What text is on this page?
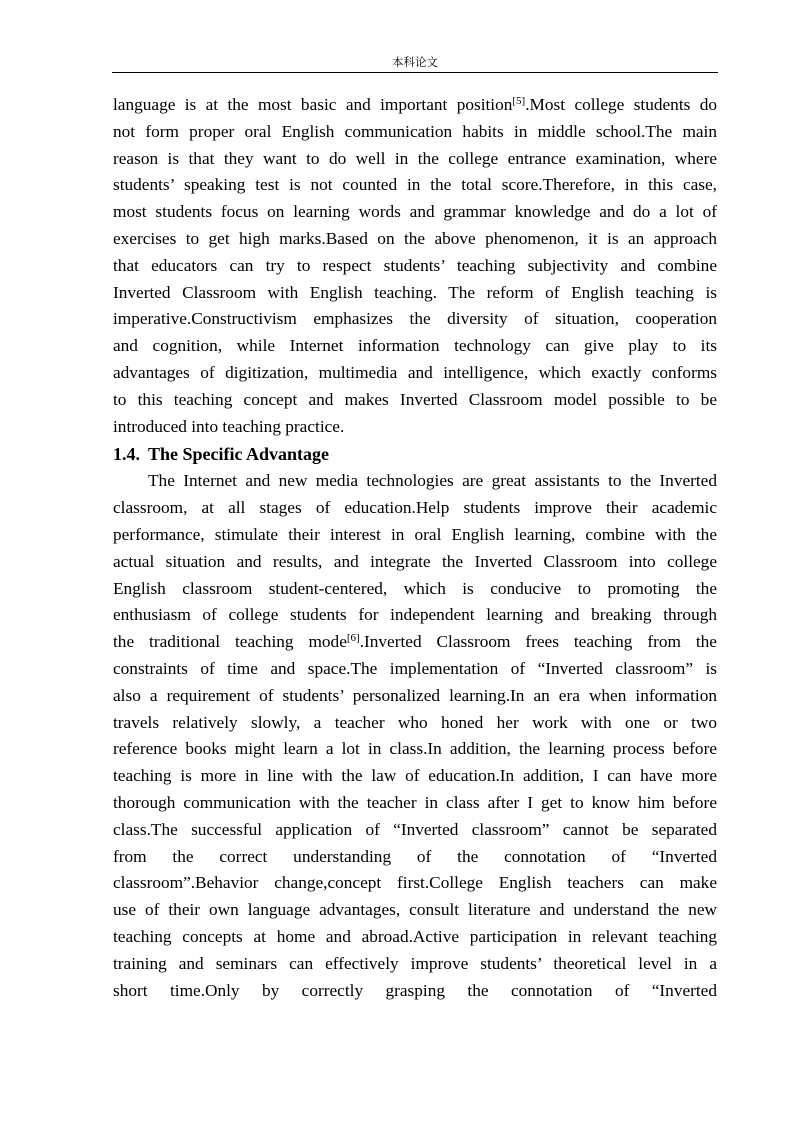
本科论文
language is at the most basic and important position[5].Most college students do
not form proper oral English communication habits in middle school.The main
reason is that they want to do well in the college entrance examination, where
students’ speaking test is not counted in the total score.Therefore, in this case,
most students focus on learning words and grammar knowledge and do a lot of
exercises to get high marks.Based on the above phenomenon, it is an approach
that educators can try to respect students’ teaching subjectivity and combine
Inverted Classroom with English teaching. The reform of English teaching is
imperative.Constructivism emphasizes the diversity of situation, cooperation
and cognition, while Internet information technology can give play to its
advantages of digitization, multimedia and intelligence, which exactly conforms
to this teaching concept and makes Inverted Classroom model possible to be
introduced into teaching practice.
1.4. The Specific Advantage
The Internet and new media technologies are great assistants to the Inverted
classroom, at all stages of education.Help students improve their academic
performance, stimulate their interest in oral English learning, combine with the
actual situation and results, and integrate the Inverted Classroom into college
English classroom student-centered, which is conducive to promoting the
enthusiasm of college students for independent learning and breaking through
the traditional teaching mode[6].Inverted Classroom frees teaching from the
constraints of time and space.The implementation of “Inverted classroom” is
also a requirement of students’ personalized learning.In an era when information
travels relatively slowly, a teacher who honed her work with one or two
reference books might learn a lot in class.In addition, the learning process before
teaching is more in line with the law of education.In addition, I can have more
thorough communication with the teacher in class after I get to know him before
class.The successful application of “Inverted classroom” cannot be separated
from the correct understanding of the connotation of “Inverted
classroom”.Behavior change,concept first.College English teachers can make
use of their own language advantages, consult literature and understand the new
teaching concepts at home and abroad.Active participation in relevant teaching
training and seminars can effectively improve students’ theoretical level in a
short time.Only by correctly grasping the connotation of “Inverted
